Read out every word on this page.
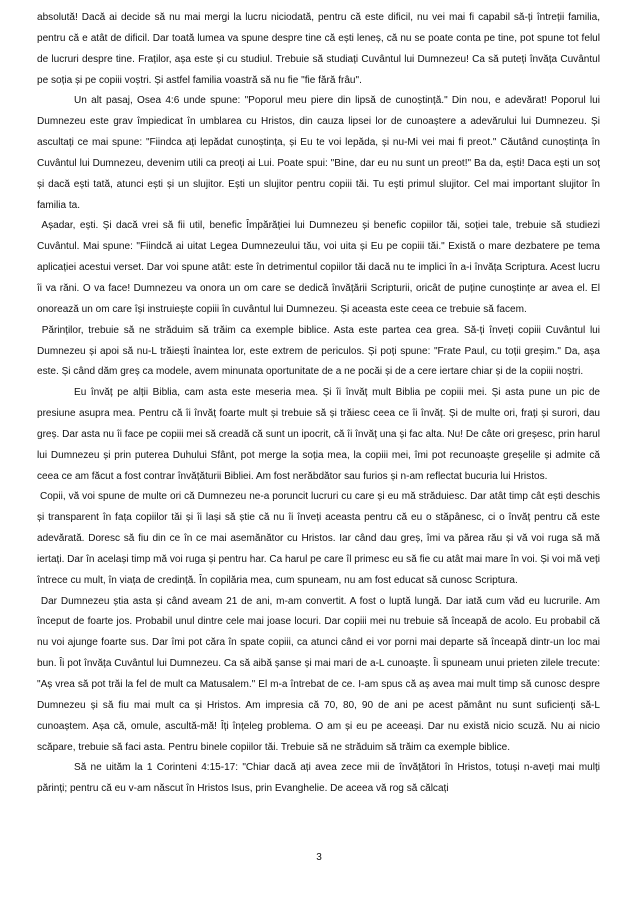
absolută! Dacă ai decide să nu mai mergi la lucru niciodată, pentru că este dificil, nu vei mai fi capabil să-ți întreții familia, pentru că e atât de dificil. Dar toată lumea va spune despre tine că ești leneș, că nu se poate conta pe tine, pot spune tot felul de lucruri despre tine. Fraților, așa este și cu studiul. Trebuie să studiați Cuvântul lui Dumnezeu! Ca să puteți învăța Cuvântul pe soția și pe copiii voștri. Și astfel familia voastră să nu fie "fie fără frâu".

Un alt pasaj, Osea 4:6 unde spune: "Poporul meu piere din lipsă de cunoștință." Din nou, e adevărat! Poporul lui Dumnezeu este grav împiedicat în umblarea cu Hristos, din cauza lipsei lor de cunoaștere a adevărului lui Dumnezeu. Și ascultați ce mai spune: "Fiindca ați lepădat cunoștința, și Eu te voi lepăda, și nu-Mi vei mai fi preot." Căutând cunoștința în Cuvântul lui Dumnezeu, devenim utili ca preoți ai Lui. Poate spui: "Bine, dar eu nu sunt un preot!" Ba da, ești! Daca ești un soț și dacă ești tată, atunci ești și un slujitor. Ești un slujitor pentru copiii tăi. Tu ești primul slujitor. Cel mai important slujitor în familia ta.

Așadar, ești. Și dacă vrei să fii util, benefic Împărăției lui Dumnezeu și benefic copiilor tăi, soției tale, trebuie să studiezi Cuvântul. Mai spune: "Fiindcă ai uitat Legea Dumnezeului tău, voi uita și Eu pe copiii tăi." Există o mare dezbatere pe tema aplicației acestui verset. Dar voi spune atât: este în detrimentul copiilor tăi dacă nu te implici în a-i învăța Scriptura. Acest lucru îi va răni. O va face! Dumnezeu va onora un om care se dedică învățării Scripturii, oricât de puține cunoștințe ar avea el. El onorează un om care își instruiește copiii în cuvântul lui Dumnezeu. Și aceasta este ceea ce trebuie să facem.

Părinților, trebuie să ne străduim să trăim ca exemple biblice. Asta este partea cea grea. Să-ți înveți copiii Cuvântul lui Dumnezeu și apoi să nu-L trăiești înaintea lor, este extrem de periculos. Și poți spune: "Frate Paul, cu toții greșim." Da, așa este. Și când dăm greș ca modele, avem minunata oportunitate de a ne pocăi și de a cere iertare chiar și de la copiii noștri.

Eu învăț pe alții Biblia, cam asta este meseria mea. Și îi învăț mult Biblia pe copiii mei. Și asta pune un pic de presiune asupra mea. Pentru că îi învăț foarte mult și trebuie să și trăiesc ceea ce îi învăț. Și de multe ori, frați și surori, dau greș. Dar asta nu îi face pe copiii mei să creadă că sunt un ipocrit, că îi învăț una și fac alta. Nu! De câte ori greșesc, prin harul lui Dumnezeu și prin puterea Duhului Sfânt, pot merge la soția mea, la copiii mei, îmi pot recunoaște greșelile și admite că ceea ce am făcut a fost contrar învățăturii Bibliei. Am fost nerăbdător sau furios și n-am reflectat bucuria lui Hristos.

Copii, vă voi spune de multe ori că Dumnezeu ne-a poruncit lucruri cu care și eu mă străduiesc. Dar atât timp cât ești deschis și transparent în fața copiilor tăi și îi lași să știe că nu îi înveți aceasta pentru că eu o stăpânesc, ci o învăț pentru că este adevărată. Doresc să fiu din ce în ce mai asemănător cu Hristos. Iar când dau greș, îmi va părea rău și vă voi ruga să mă iertați. Dar în același timp mă voi ruga și pentru har. Ca harul pe care îl primesc eu să fie cu atât mai mare în voi. Și voi mă veți întrece cu mult, în viața de credință. În copilăria mea, cum spuneam, nu am fost educat să cunosc Scriptura.

Dar Dumnezeu știa asta și când aveam 21 de ani, m-am convertit. A fost o luptă lungă. Dar iată cum văd eu lucrurile. Am început de foarte jos. Probabil unul dintre cele mai joase locuri. Dar copiii mei nu trebuie să înceapă de acolo. Eu probabil că nu voi ajunge foarte sus. Dar îmi pot căra în spate copiii, ca atunci când ei vor porni mai departe să înceapă dintr-un loc mai bun. Îi pot învăța Cuvântul lui Dumnezeu. Ca să aibă șanse și mai mari de a-L cunoaște. Îi spuneam unui prieten zilele trecute: "Aș vrea să pot trăi la fel de mult ca Matusalem." El m-a întrebat de ce. I-am spus că aș avea mai mult timp să cunosc despre Dumnezeu și să fiu mai mult ca și Hristos. Am impresia că 70, 80, 90 de ani pe acest pământ nu sunt suficienți să-L cunoaștem. Așa că, omule, ascultă-mă! Îți înțeleg problema. O am și eu pe aceeași. Dar nu există nicio scuză. Nu ai nicio scăpare, trebuie să faci asta. Pentru binele copiilor tăi. Trebuie să ne străduim să trăim ca exemple biblice.

Să ne uităm la 1 Corinteni 4:15-17: "Chiar dacă ați avea zece mii de învățători în Hristos, totuși n-aveți mai mulți părinți; pentru că eu v-am născut în Hristos Isus, prin Evanghelie. De aceea vă rog să călcați

3
